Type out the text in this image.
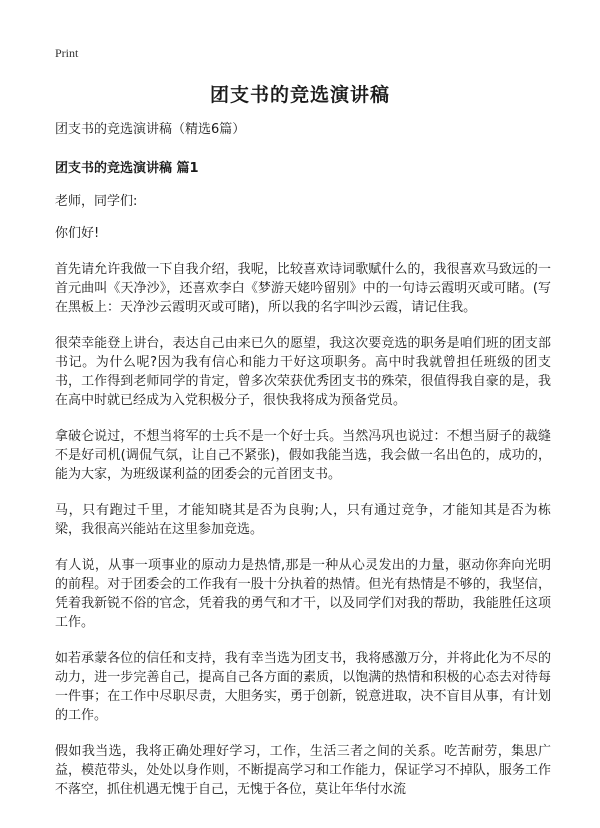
Print
团支书的竞选演讲稿

团支书的竞选演讲稿（精选6篇）

团支书的竞选演讲稿 篇1

老师，同学们:

你们好!

首先请允许我做一下自我介绍，我呢，比较喜欢诗词歌赋什么的，我很喜欢马致远的一首元曲叫《天净沙》，还喜欢李白《梦游天姥吟留别》中的一句诗云霞明灭或可睹。(写在黑板上：天净沙云霞明灭或可睹)，所以我的名字叫沙云霞，请记住我。

很荣幸能登上讲台，表达自己由来已久的愿望，我这次要竞选的职务是咱们班的团支部书记。为什么呢?因为我有信心和能力干好这项职务。高中时我就曾担任班级的团支书，工作得到老师同学的肯定，曾多次荣获优秀团支书的殊荣，很值得我自豪的是，我在高中时就已经成为入党积极分子，很快我将成为预备党员。

拿破仑说过，不想当将军的士兵不是一个好士兵。当然冯巩也说过：不想当厨子的裁缝不是好司机(调侃气氛，让自己不紧张)，假如我能当选，我会做一名出色的，成功的，能为大家，为班级谋利益的团委会的元首团支书。

马，只有跑过千里，才能知晓其是否为良驹;人，只有通过竞争，才能知其是否为栋梁，我很高兴能站在这里参加竞选。

有人说，从事一项事业的原动力是热情,那是一种从心灵发出的力量，驱动你奔向光明的前程。对于团委会的工作我有一股十分执着的热情。但光有热情是不够的，我坚信，凭着我新锐不俗的官念，凭着我的勇气和才干，以及同学们对我的帮助，我能胜任这项工作。

如若承蒙各位的信任和支持，我有幸当选为团支书，我将感激万分，并将此化为不尽的动力，进一步完善自己，提高自己各方面的素质，以饱满的热情和积极的心态去对待每一件事；在工作中尽职尽责，大胆务实，勇于创新，锐意进取，决不盲目从事，有计划的工作。

假如我当选，我将正确处理好学习，工作，生活三者之间的关系。吃苦耐劳，集思广益，模范带头，处处以身作则，不断提高学习和工作能力，保证学习不掉队，服务工作不落空，抓住机遇无愧于自己，无愧于各位，莫让年华付水流
